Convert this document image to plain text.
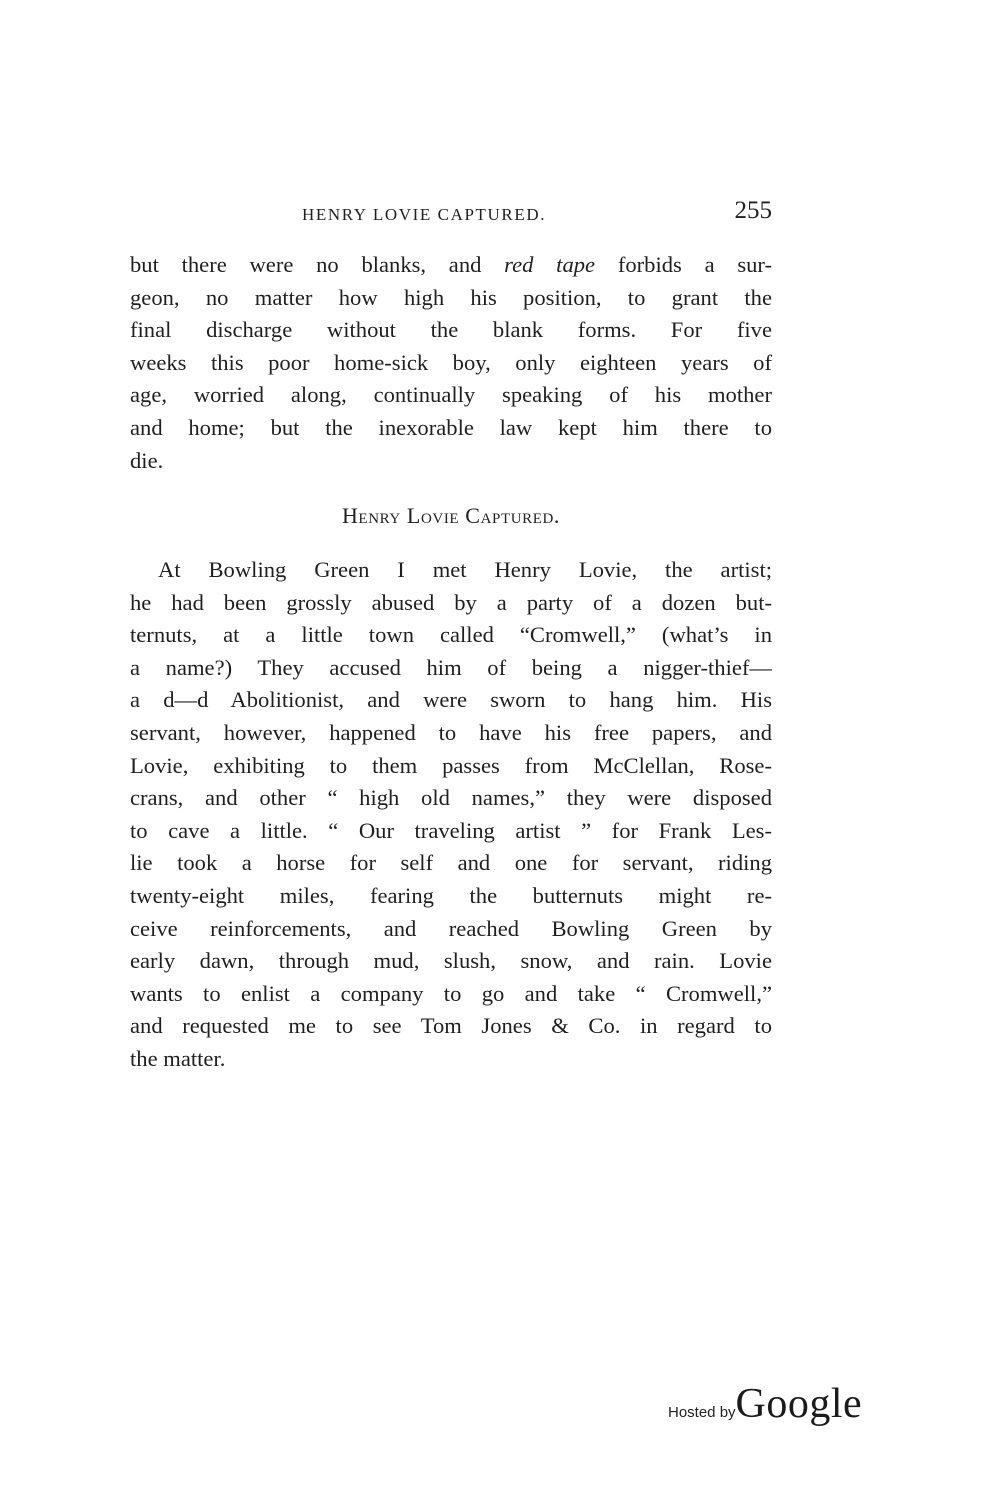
HENRY LOVIE CAPTURED.	255
but there were no blanks, and red tape forbids a sur-
geon, no matter how high his position, to grant the
final discharge without the blank forms. For five
weeks this poor home-sick boy, only eighteen years of
age, worried along, continually speaking of his mother
and home; but the inexorable law kept him there to
die.
Henry Lovie Captured.
At Bowling Green I met Henry Lovie, the artist;
he had been grossly abused by a party of a dozen but-
ternuts, at a little town called “Cromwell,” (what’s in
a name?) They accused him of being a nigger-thief—
a d—d Abolitionist, and were sworn to hang him. His
servant, however, happened to have his free papers, and
Lovie, exhibiting to them passes from McClellan, Rose-
crans, and other “ high old names,” they were disposed
to cave a little. “ Our traveling artist ” for Frank Les-
lie took a horse for self and one for servant, riding
twenty-eight miles, fearing the butternuts might re-
ceive reinforcements, and reached Bowling Green by
early dawn, through mud, slush, snow, and rain. Lovie
wants to enlist a company to go and take “ Cromwell,”
and requested me to see Tom Jones & Co. in regard to
the matter.
Hosted byGoogle
